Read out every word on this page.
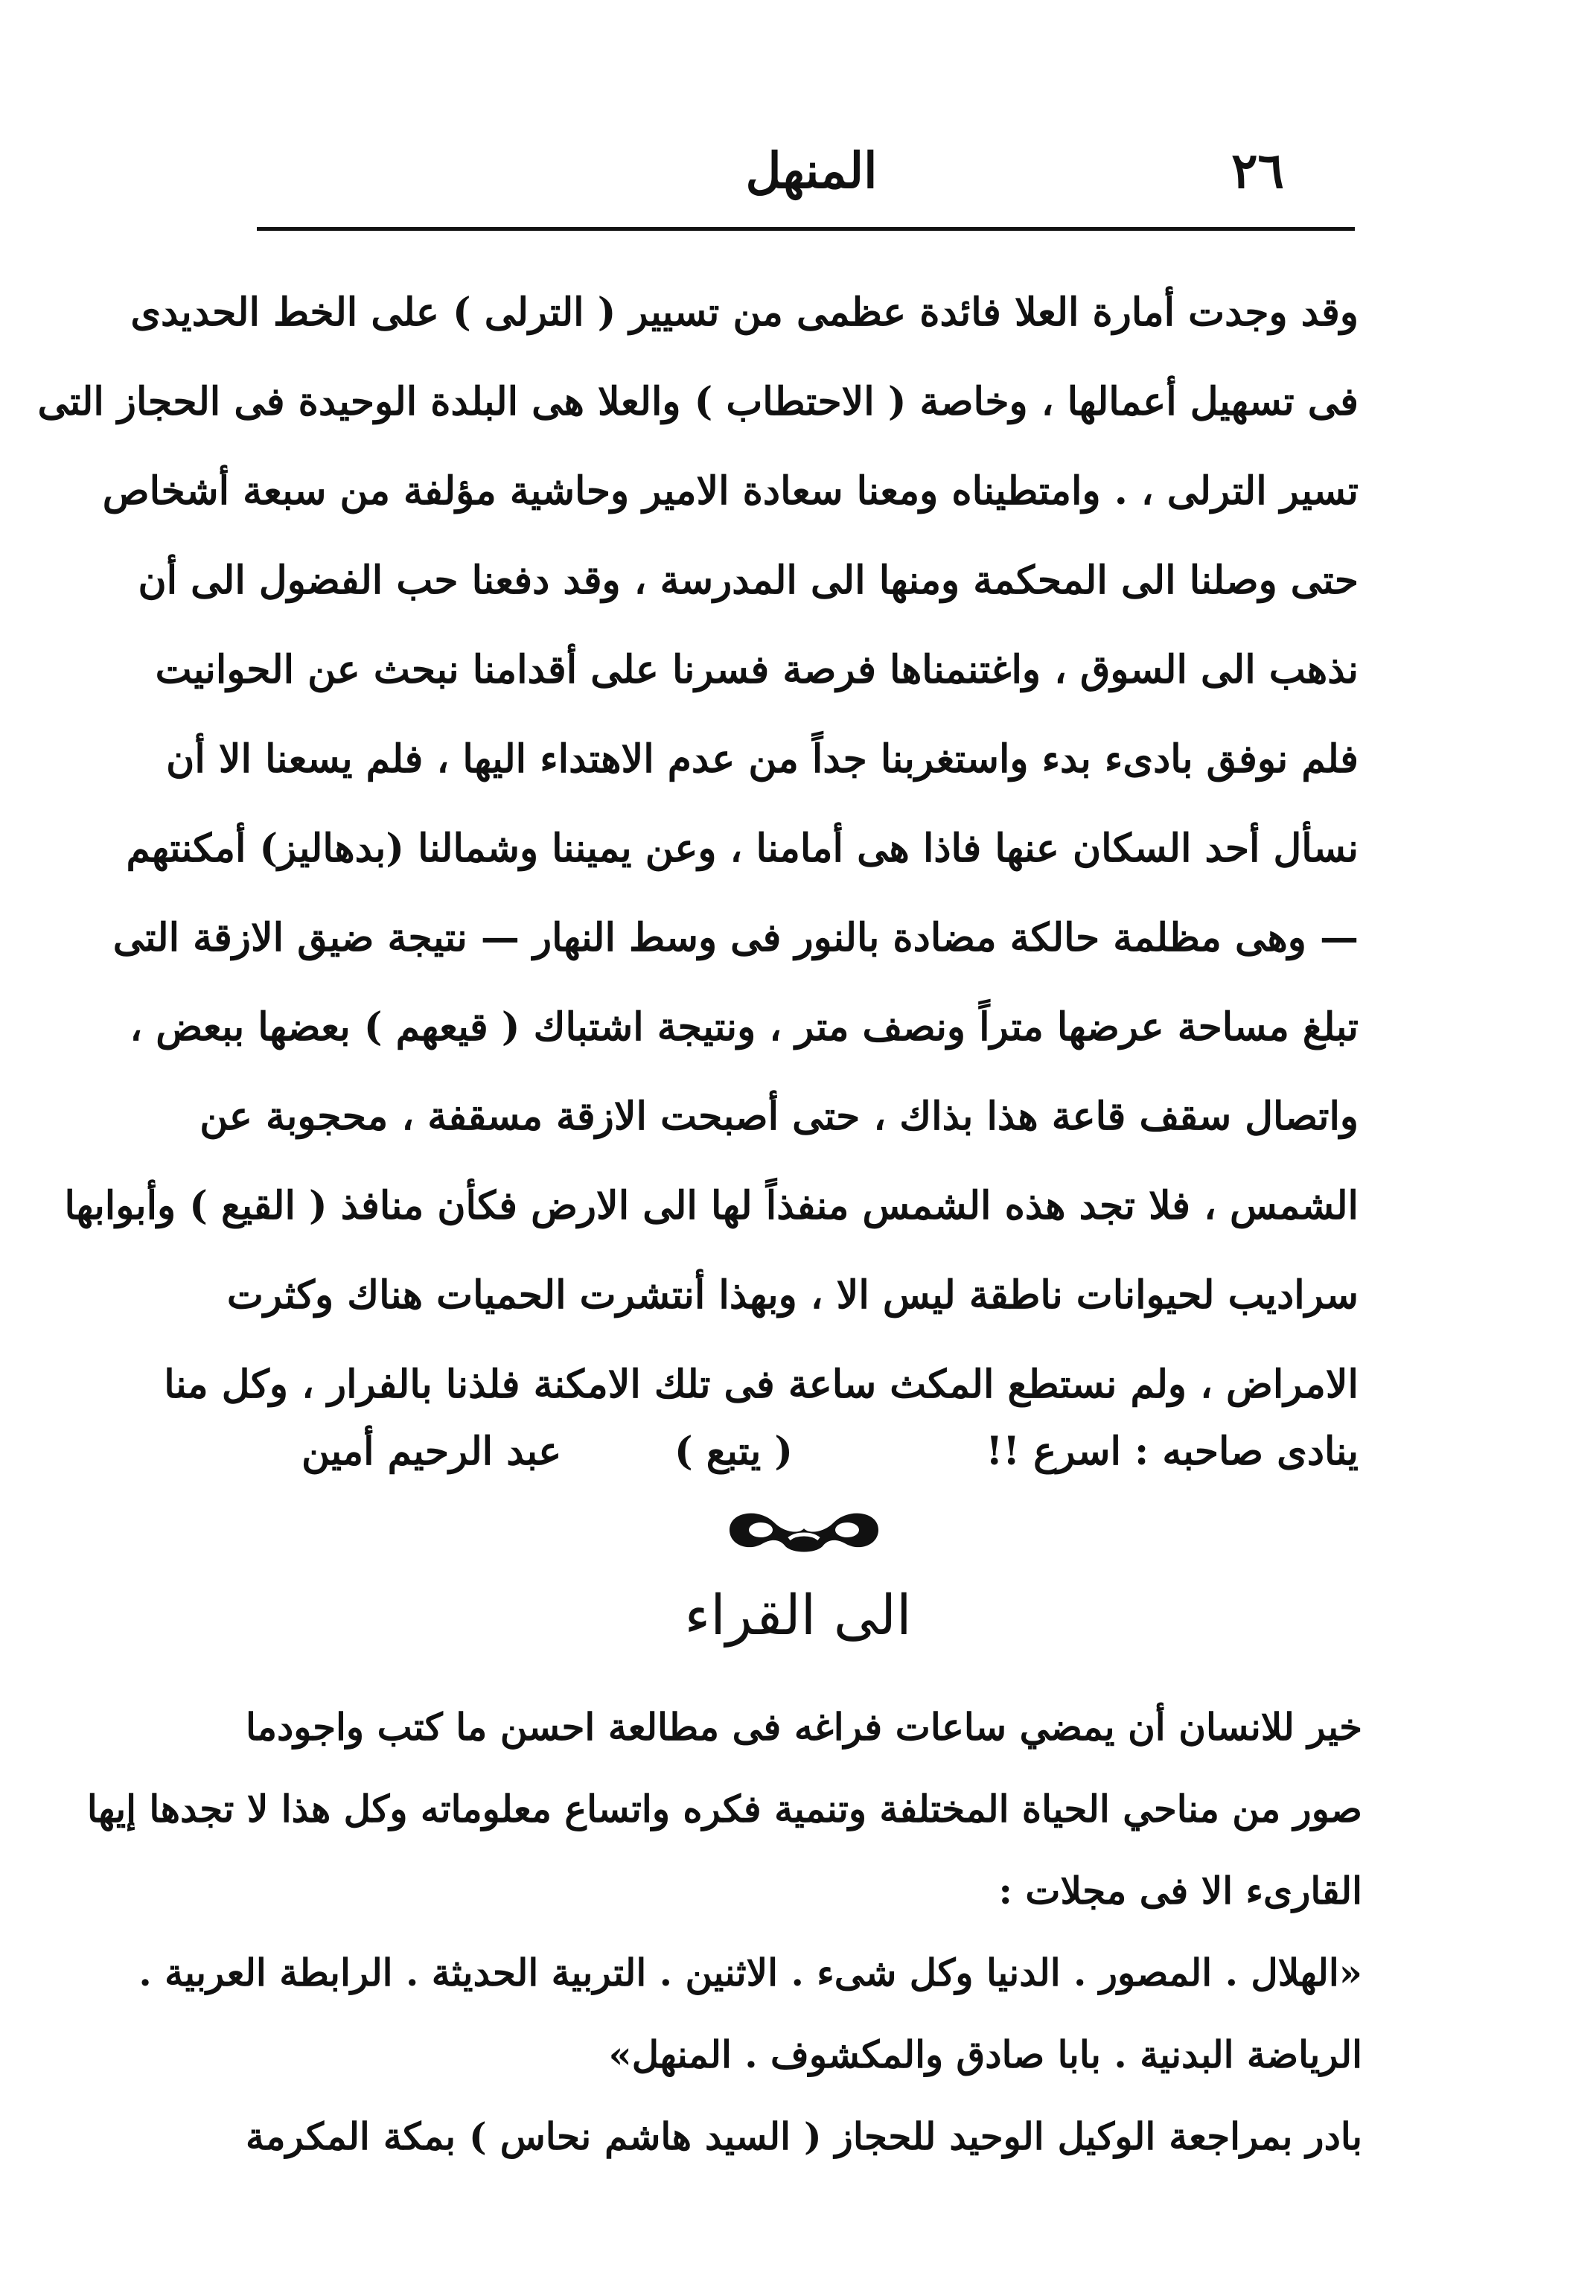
٢٦
المنهل
وقد وجدت أمارة العلا فائدة عظمى من تسيير ( الترلى ) على الخط الحديدى
فى تسهيل أعمالها ، وخاصة ( الاحتطاب ) والعلا هى البلدة الوحيدة فى الحجاز التى
تسير الترلى ، . وامتطيناه ومعنا سعادة الامير وحاشية مؤلفة من سبعة أشخاص
حتى وصلنا الى المحكمة ومنها الى المدرسة ، وقد دفعنا حب الفضول الى أن
نذهب الى السوق ، واغتنمناها فرصة فسرنا على أقدامنا نبحث عن الحوانيت
فلم نوفق بادىء بدء واستغربنا جداً من عدم الاهتداء اليها ، فلم يسعنا الا أن
نسأل أحد السكان عنها فاذا هى أمامنا ، وعن يميننا وشمالنا (بدهاليز) أمكنتهم
— وهى مظلمة حالكة مضادة بالنور فى وسط النهار — نتيجة ضيق الازقة التى
تبلغ مساحة عرضها متراً ونصف متر ، ونتيجة اشتباك ( قيعهم ) بعضها ببعض ،
واتصال سقف قاعة هذا بذاك ، حتى أصبحت الازقة مسقفة ، محجوبة عن
الشمس ، فلا تجد هذه الشمس منفذاً لها الى الارض فكأن منافذ ( القيع ) وأبوابها
سراديب لحيوانات ناطقة ليس الا ، وبهذا أنتشرت الحميات هناك وكثرت
الامراض ، ولم نستطع المكث ساعة فى تلك الامكنة فلذنا بالفرار ، وكل منا
ينادى صاحبه : اسرع !!
( يتبع )
عبد الرحيم أمين
الى القراء
خير للانسان أن يمضي ساعات فراغه فى مطالعة احسن ما كتب واجودما
صور من مناحي الحياة المختلفة وتنمية فكره واتساع معلوماته وكل هذا لا تجدها إيها
القارىء الا فى مجلات :
«الهلال . المصور . الدنيا وكل شىء . الاثنين . التربية الحديثة . الرابطة العربية .
الرياضة البدنية . بابا صادق والمكشوف . المنهل»
بادر بمراجعة الوكيل الوحيد للحجاز ( السيد هاشم نحاس ) بمكة المكرمة
